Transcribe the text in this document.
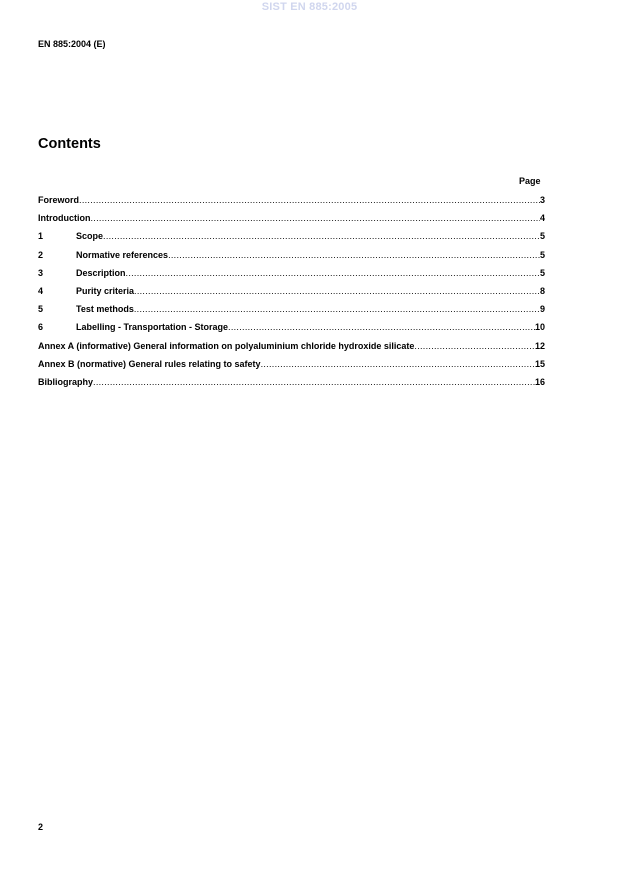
SIST EN 885:2005
EN 885:2004 (E)
Contents
Page
Foreword .....	3
Introduction .....	4
1	Scope .....	5
2	Normative references .....	5
3	Description .....	5
4	Purity criteria .....	8
5	Test methods .....	9
6	Labelling - Transportation - Storage .....	10
Annex A (informative) General information on polyaluminium chloride hydroxide silicate .....	12
Annex B (normative) General rules relating to safety .....	15
Bibliography .....	16
2
